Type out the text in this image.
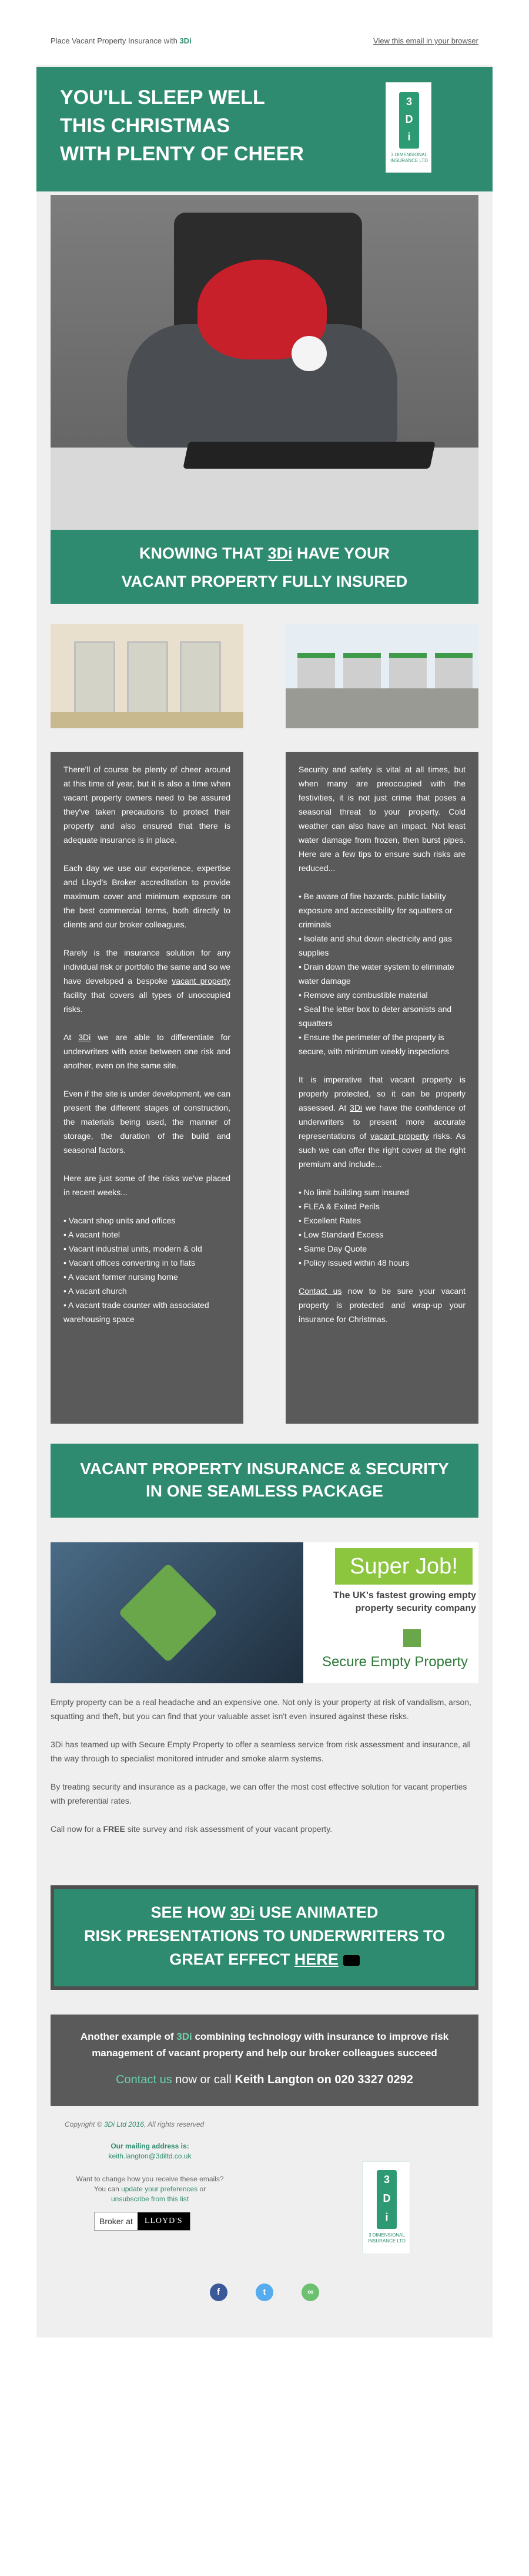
Place Vacant Property Insurance with 3Di	View this email in your browser
YOU'LL SLEEP WELL
THIS CHRISTMAS
WITH PLENTY OF CHEER
3
D
i
3 DIMENSIONAL INSURANCE LTD
KNOWING THAT 3Di HAVE YOUR
VACANT PROPERTY FULLY INSURED

There'll of course be plenty of cheer around at this time of year, but it is also a time when vacant property owners need to be assured they've taken precautions to protect their property and also ensured that there is adequate insurance is in place.

Each day we use our experience, expertise and Lloyd's Broker accreditation to provide maximum cover and minimum exposure on the best commercial terms, both directly to clients and our broker colleagues.

Rarely is the insurance solution for any individual risk or portfolio the same and so we have developed a bespoke vacant property facility that covers all types of unoccupied risks.

At 3Di we are able to differentiate for underwriters with ease between one risk and another, even on the same site.

Even if the site is under development, we can present the different stages of construction, the materials being used, the manner of storage, the duration of the build and seasonal factors.

Here are just some of the risks we've placed in recent weeks...

• Vacant shop units and offices
• A vacant hotel
• Vacant industrial units, modern & old
• Vacant offices converting in to flats
• A vacant former nursing home
• A vacant church
• A vacant trade counter with associated warehousing space

Security and safety is vital at all times, but when many are preoccupied with the festivities, it is not just crime that poses a seasonal threat to your property. Cold weather can also have an impact. Not least water damage from frozen, then burst pipes. Here are a few tips to ensure such risks are reduced...

• Be aware of fire hazards, public liability exposure and accessibility for squatters or criminals
• Isolate and shut down electricity and gas supplies
• Drain down the water system to eliminate water damage
• Remove any combustible material
• Seal the letter box to deter arsonists and squatters
• Ensure the perimeter of the property is secure, with minimum weekly inspections

It is imperative that vacant property is properly protected, so it can be properly assessed. At 3Di we have the confidence of underwriters to present more accurate representations of vacant property risks. As such we can offer the right cover at the right premium and include...

• No limit building sum insured
• FLEA & Exited Perils
• Excellent Rates
• Low Standard Excess
• Same Day Quote
• Policy issued within 48 hours

Contact us now to be sure your vacant property is protected and wrap-up your insurance for Christmas.

VACANT PROPERTY INSURANCE & SECURITY
IN ONE SEAMLESS PACKAGE
Super Job!
The UK's fastest growing empty property security company
Secure Empty Property

Empty property can be a real headache and an expensive one. Not only is your property at risk of vandalism, arson, squatting and theft, but you can find that your valuable asset isn't even insured against these risks.

3Di has teamed up with Secure Empty Property to offer a seamless service from risk assessment and insurance, all the way through to specialist monitored intruder and smoke alarm systems.

By treating security and insurance as a package, we can offer the most cost effective solution for vacant properties with preferential rates.

Call now for a FREE site survey and risk assessment of your vacant property.

SEE HOW 3Di USE ANIMATED
RISK PRESENTATIONS TO UNDERWRITERS TO
GREAT EFFECT HERE
Another example of 3Di combining technology with insurance to improve risk management of vacant property and help our broker colleagues succeed
Contact us now or call Keith Langton on 020 3327 0292
Copyright © 3Di Ltd 2016, All rights reserved
Our mailing address is:
keith.langton@3diltd.co.uk
Want to change how you receive these emails?
You can update your preferences or
unsubscribe from this list
Broker at	LLOYD'S
3
D
i
3 DIMENSIONAL INSURANCE LTD
f	t	∞
